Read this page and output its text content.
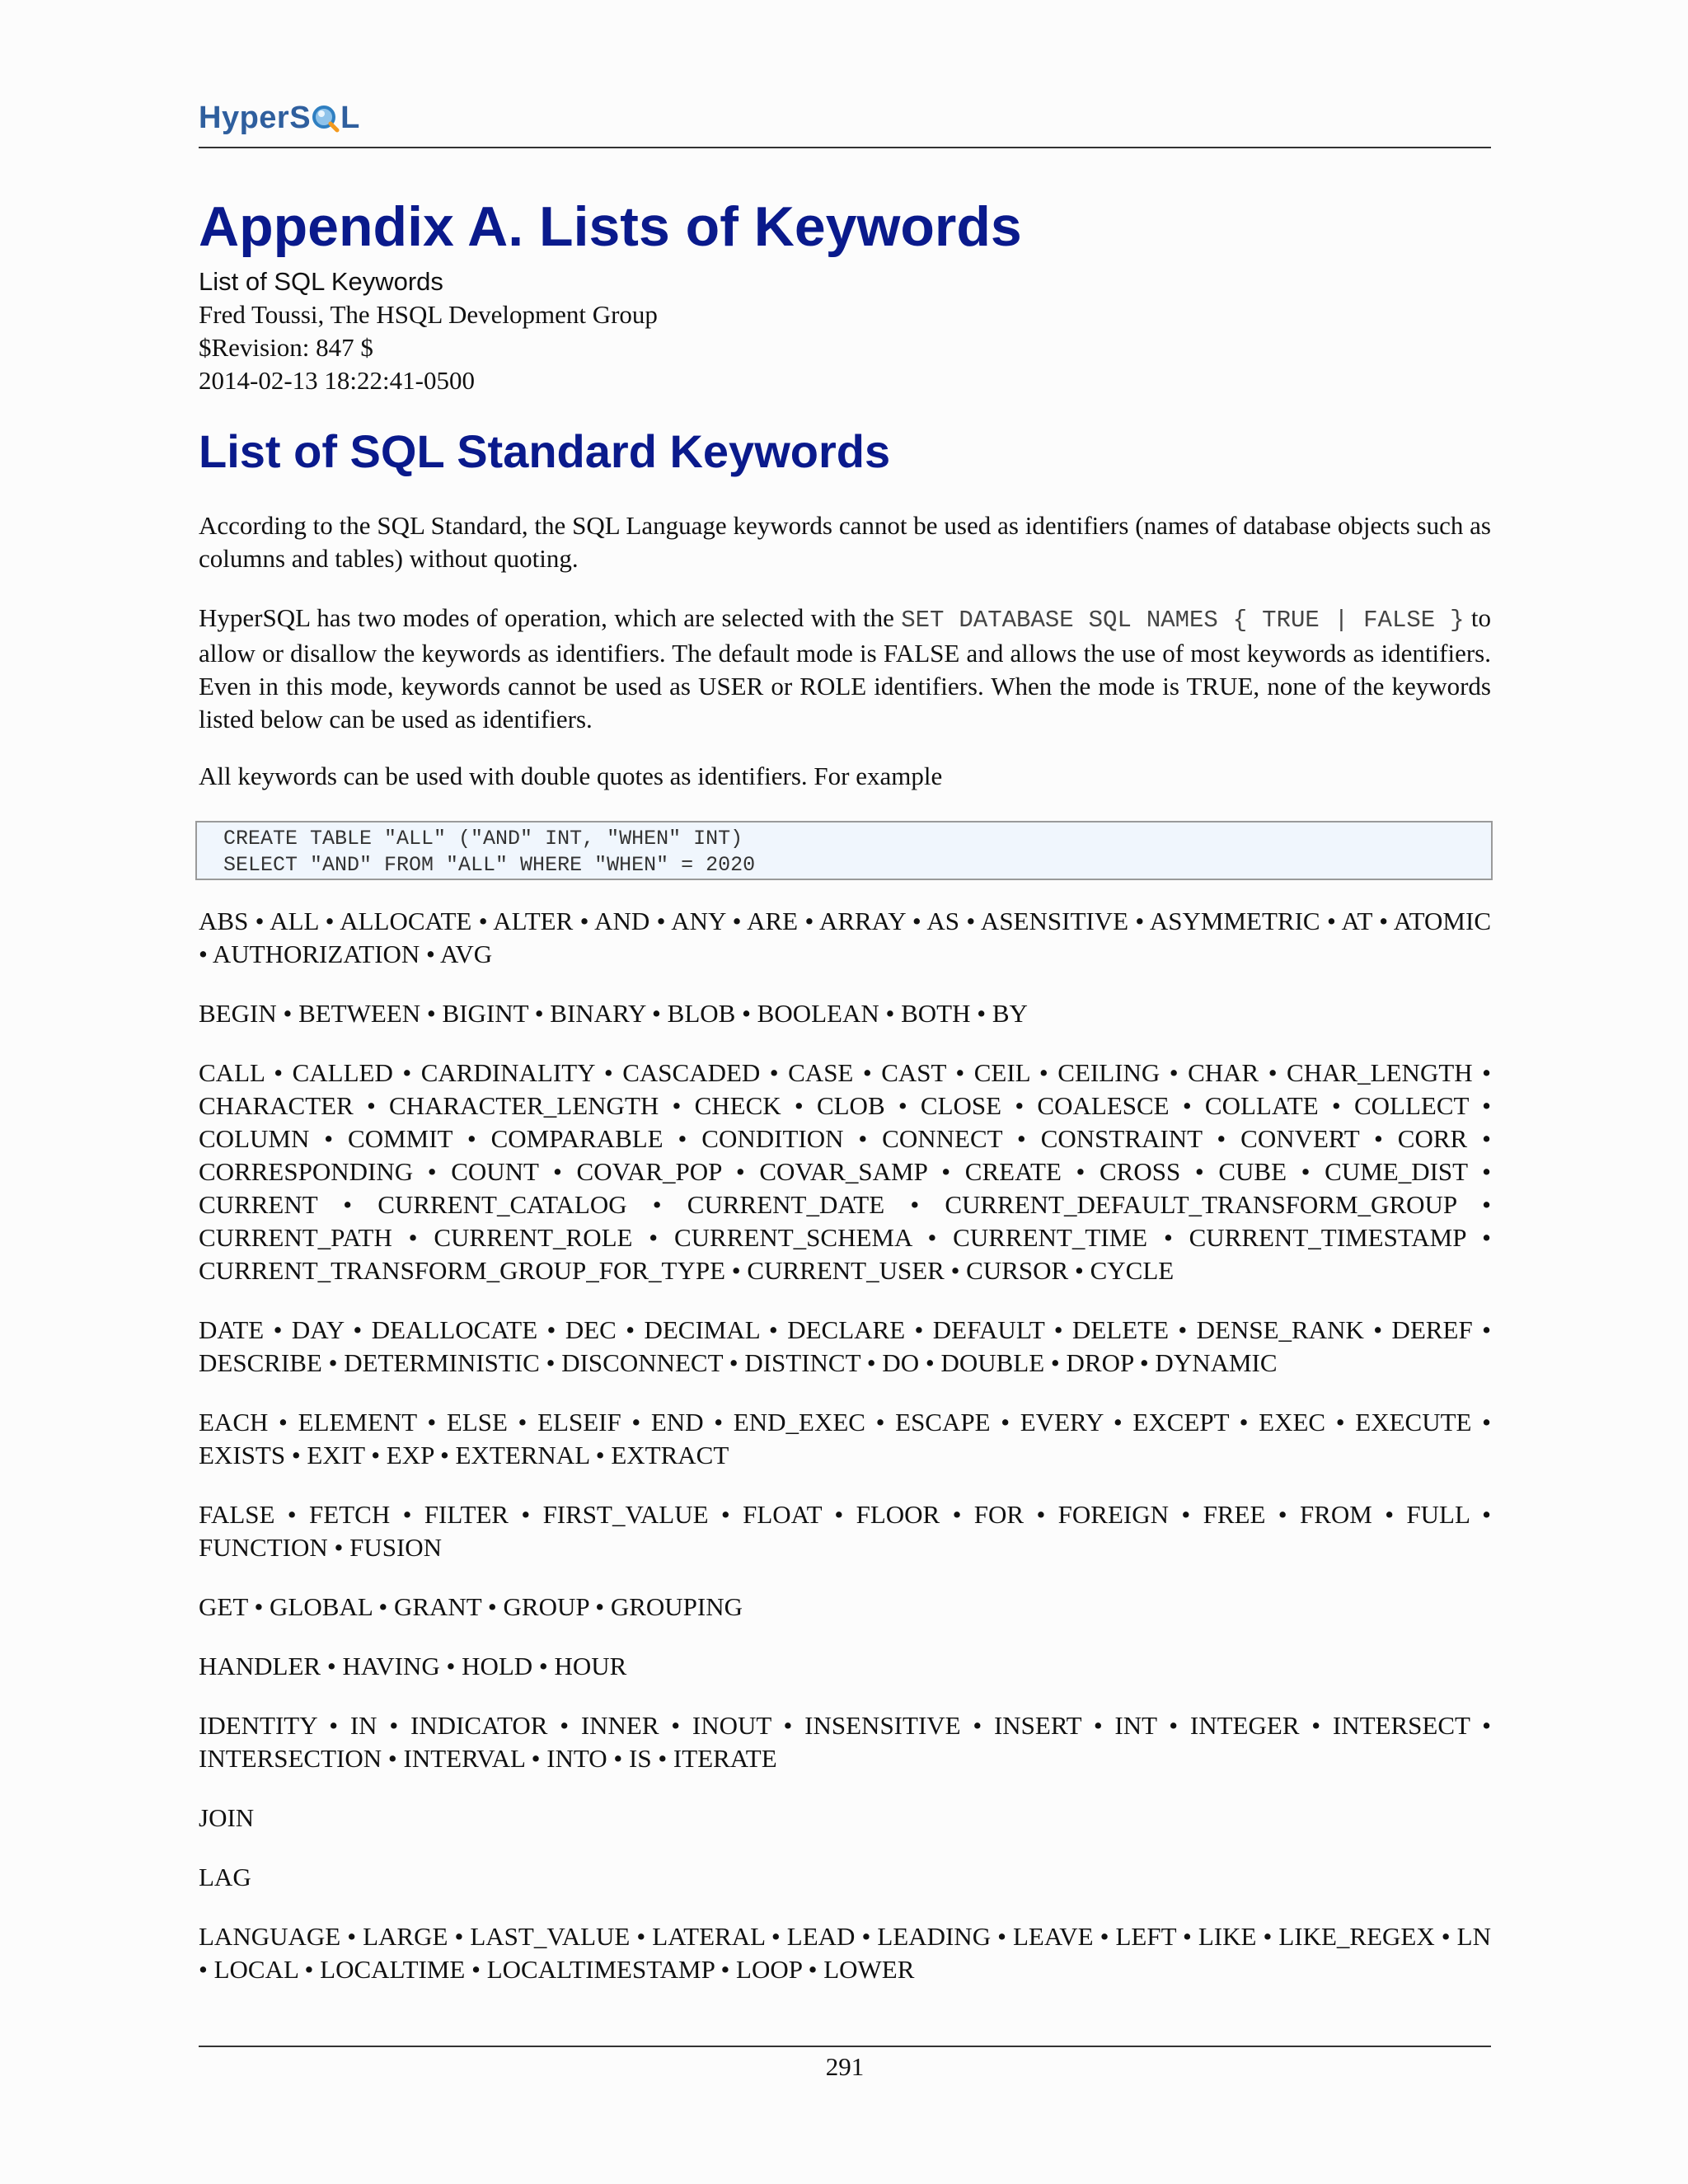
HyperS L
Appendix A. Lists of Keywords
List of SQL Keywords
Fred Toussi, The HSQL Development Group
$Revision: 847 $
2014-02-13 18:22:41-0500
List of SQL Standard Keywords

According to the SQL Standard, the SQL Language keywords cannot be used as identifiers (names of database objects such as columns and tables) without quoting.

HyperSQL has two modes of operation, which are selected with the SET DATABASE SQL NAMES { TRUE | FALSE } to allow or disallow the keywords as identifiers. The default mode is FALSE and allows the use of most keywords as identifiers. Even in this mode, keywords cannot be used as USER or ROLE identifiers. When the mode is TRUE, none of the keywords listed below can be used as identifiers.

All keywords can be used with double quotes as identifiers. For example

CREATE TABLE "ALL" ("AND" INT, "WHEN" INT)
SELECT "AND" FROM "ALL" WHERE "WHEN" = 2020

ABS • ALL • ALLOCATE • ALTER • AND • ANY • ARE • ARRAY • AS • ASENSITIVE • ASYMMETRIC • AT • ATOMIC • AUTHORIZATION • AVG

BEGIN • BETWEEN • BIGINT • BINARY • BLOB • BOOLEAN • BOTH • BY

CALL • CALLED • CARDINALITY • CASCADED • CASE • CAST • CEIL • CEILING • CHAR • CHAR_LENGTH • CHARACTER • CHARACTER_LENGTH • CHECK • CLOB • CLOSE • COALESCE • COLLATE • COLLECT • COLUMN • COMMIT • COMPARABLE • CONDITION • CONNECT • CONSTRAINT • CONVERT • CORR • CORRESPONDING • COUNT • COVAR_POP • COVAR_SAMP • CREATE • CROSS • CUBE • CUME_DIST • CURRENT • CURRENT_CATALOG • CURRENT_DATE • CURRENT_DEFAULT_TRANSFORM_GROUP • CURRENT_PATH • CURRENT_ROLE • CURRENT_SCHEMA • CURRENT_TIME • CURRENT_TIMESTAMP • CURRENT_TRANSFORM_GROUP_FOR_TYPE • CURRENT_USER • CURSOR • CYCLE

DATE • DAY • DEALLOCATE • DEC • DECIMAL • DECLARE • DEFAULT • DELETE • DENSE_RANK • DEREF • DESCRIBE • DETERMINISTIC • DISCONNECT • DISTINCT • DO • DOUBLE • DROP • DYNAMIC

EACH • ELEMENT • ELSE • ELSEIF • END • END_EXEC • ESCAPE • EVERY • EXCEPT • EXEC • EXECUTE • EXISTS • EXIT • EXP • EXTERNAL • EXTRACT

FALSE • FETCH • FILTER • FIRST_VALUE • FLOAT • FLOOR • FOR • FOREIGN • FREE • FROM • FULL • FUNCTION • FUSION

GET • GLOBAL • GRANT • GROUP • GROUPING

HANDLER • HAVING • HOLD • HOUR

IDENTITY • IN • INDICATOR • INNER • INOUT • INSENSITIVE • INSERT • INT • INTEGER • INTERSECT • INTERSECTION • INTERVAL • INTO • IS • ITERATE

JOIN

LAG

LANGUAGE • LARGE • LAST_VALUE • LATERAL • LEAD • LEADING • LEAVE • LEFT • LIKE • LIKE_REGEX • LN • LOCAL • LOCALTIME • LOCALTIMESTAMP • LOOP • LOWER

291
